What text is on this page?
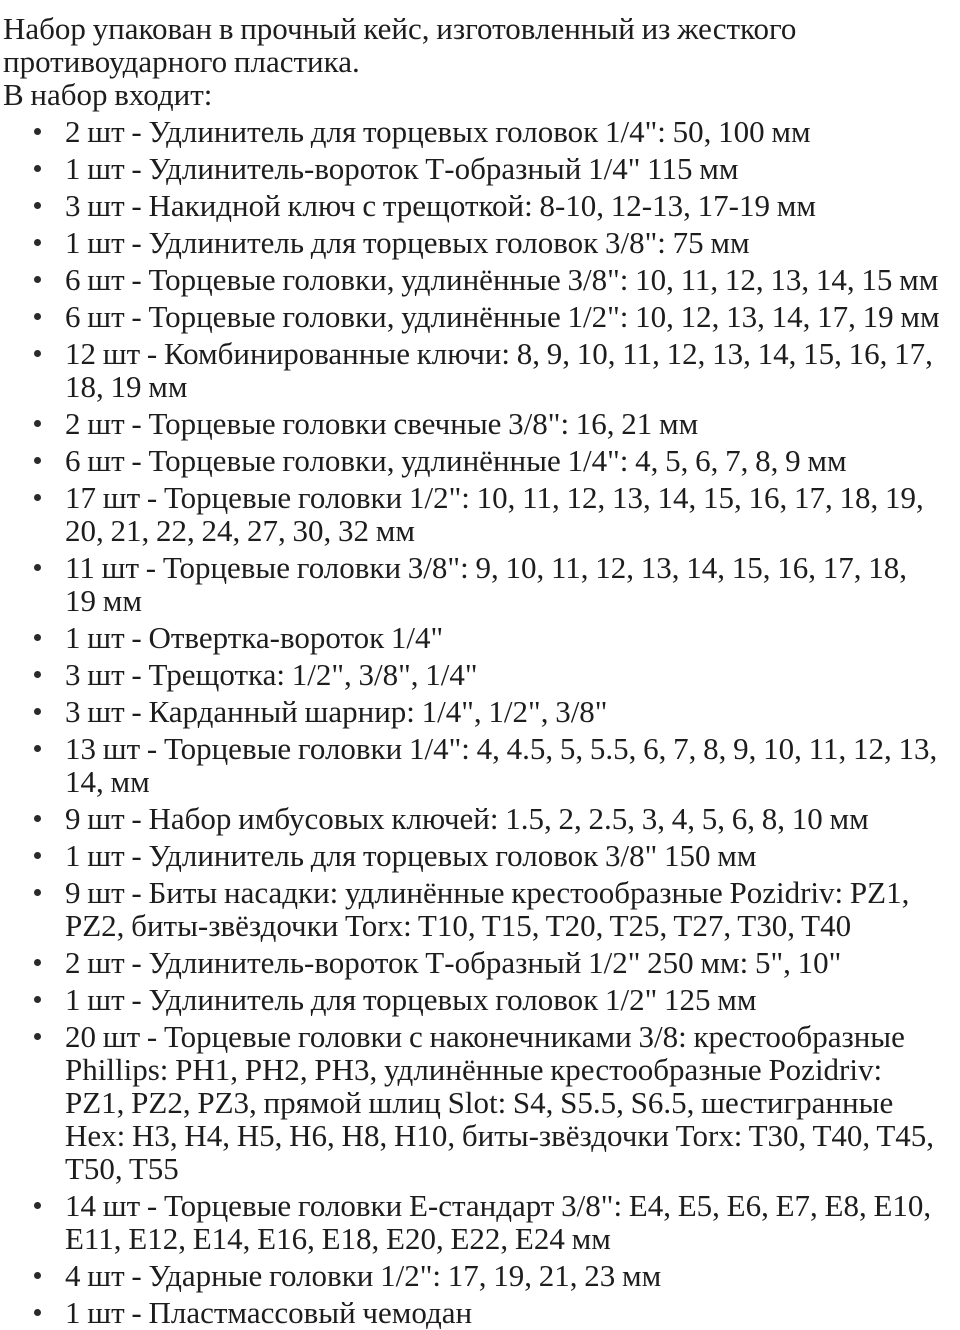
Набор упакован в прочный кейс, изготовленный из жесткого противоударного пластика.

В набор входит:

2 шт - Удлинитель для торцевых головок 1/4": 50, 100 мм
1 шт - Удлинитель-вороток Т-образный 1/4" 115 мм
3 шт - Накидной ключ с трещоткой: 8-10, 12-13, 17-19 мм
1 шт - Удлинитель для торцевых головок 3/8": 75 мм
6 шт - Торцевые головки, удлинённые 3/8": 10, 11, 12, 13, 14, 15 мм
6 шт - Торцевые головки, удлинённые 1/2": 10, 12, 13, 14, 17, 19 мм
12 шт - Комбинированные ключи: 8, 9, 10, 11, 12, 13, 14, 15, 16, 17, 18, 19 мм
2 шт - Торцевые головки свечные 3/8": 16, 21 мм
6 шт - Торцевые головки, удлинённые 1/4": 4, 5, 6, 7, 8, 9 мм
17 шт - Торцевые головки 1/2": 10, 11, 12, 13, 14, 15, 16, 17, 18, 19, 20, 21, 22, 24, 27, 30, 32 мм
11 шт - Торцевые головки 3/8": 9, 10, 11, 12, 13, 14, 15, 16, 17, 18, 19 мм
1 шт - Отвертка-вороток 1/4"
3 шт - Трещотка: 1/2", 3/8", 1/4"
3 шт - Карданный шарнир: 1/4", 1/2", 3/8"
13 шт - Торцевые головки 1/4": 4, 4.5, 5, 5.5, 6, 7, 8, 9, 10, 11, 12, 13, 14, мм
9 шт - Набор имбусовых ключей: 1.5, 2, 2.5, 3, 4, 5, 6, 8, 10 мм
1 шт - Удлинитель для торцевых головок 3/8" 150 мм
9 шт - Биты насадки: удлинённые крестообразные Pozidriv: PZ1, PZ2, биты-звёздочки Torx: T10, T15, T20, T25, T27, T30, T40
2 шт - Удлинитель-вороток Т-образный 1/2" 250 мм: 5", 10"
1 шт - Удлинитель для торцевых головок 1/2" 125 мм
20 шт - Торцевые головки с наконечниками 3/8: крестообразные Phillips: PH1, PH2, PH3, удлинённые крестообразные Pozidriv: PZ1, PZ2, PZ3, прямой шлиц Slot: S4, S5.5, S6.5, шестигранные Hex: H3, H4, H5, H6, H8, H10, биты-звёздочки Torx: T30, T40, T45, T50, T55
14 шт - Торцевые головки Е-стандарт 3/8": E4, E5, E6, E7, E8, E10, E11, E12, E14, E16, E18, E20, E22, E24 мм
4 шт - Ударные головки 1/2": 17, 19, 21, 23 мм
1 шт - Пластмассовый чемодан
